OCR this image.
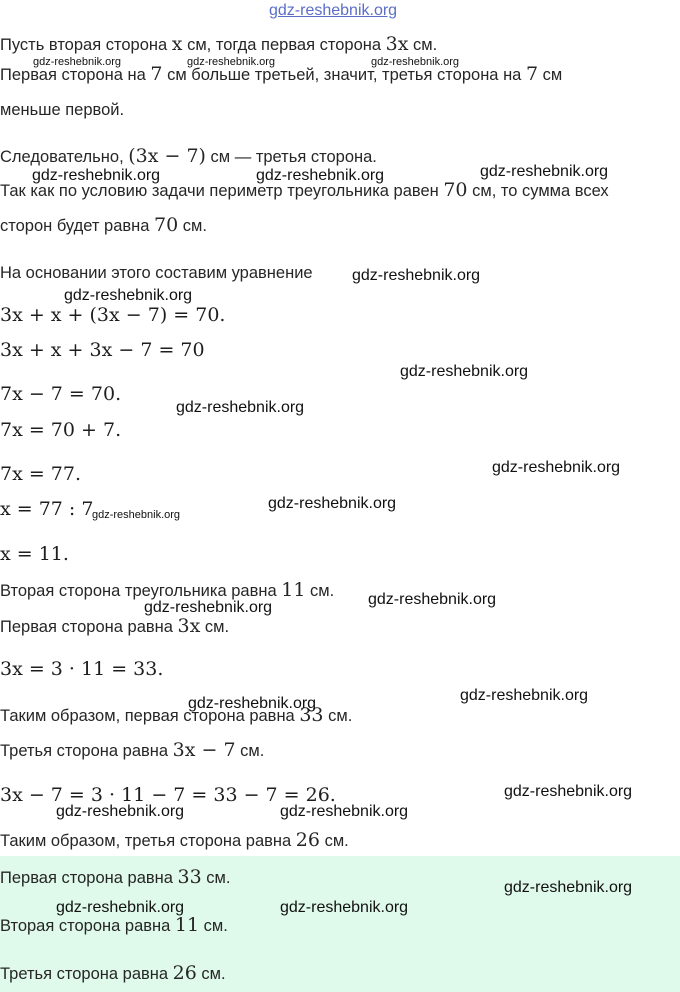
gdz-reshebnik.org
Пусть вторая сторона x см, тогда первая сторона 3x см.
Первая сторона на 7 см больше третьей, значит, третья сторона на 7 см
меньше первой.
Следовательно, (3x − 7) см — третья сторона.
Так как по условию задачи периметр треугольника равен 70 см, то сумма всех
сторон будет равна 70 см.
На основании этого составим уравнение
3x + x + (3x − 7) = 70.
3x + x + 3x − 7 = 70
7x − 7 = 70.
7x = 70 + 7.
7x = 77.
x = 77 : 7
x = 11.
Вторая сторона треугольника равна 11 см.
Первая сторона равна 3x см.
3x = 3 · 11 = 33.
Таким образом, первая сторона равна 33 см.
Третья сторона равна 3x − 7 см.
3x − 7 = 3 · 11 − 7 = 33 − 7 = 26.
Таким образом, третья сторона равна 26 см.
Первая сторона равна 33 см.
Вторая сторона равна 11 см.
Третья сторона равна 26 см.
gdz-reshebnik.org	gdz-reshebnik.org	gdz-reshebnik.org
gdz-reshebnik.org
gdz-reshebnik.org	gdz-reshebnik.org
gdz-reshebnik.org
gdz-reshebnik.org
gdz-reshebnik.org
gdz-reshebnik.org
gdz-reshebnik.org
gdz-reshebnik.org
gdz-reshebnik.org
gdz-reshebnik.org
gdz-reshebnik.org
gdz-reshebnik.org
gdz-reshebnik.org
gdz-reshebnik.org
gdz-reshebnik.org	gdz-reshebnik.org
gdz-reshebnik.org
gdz-reshebnik.org	gdz-reshebnik.org
